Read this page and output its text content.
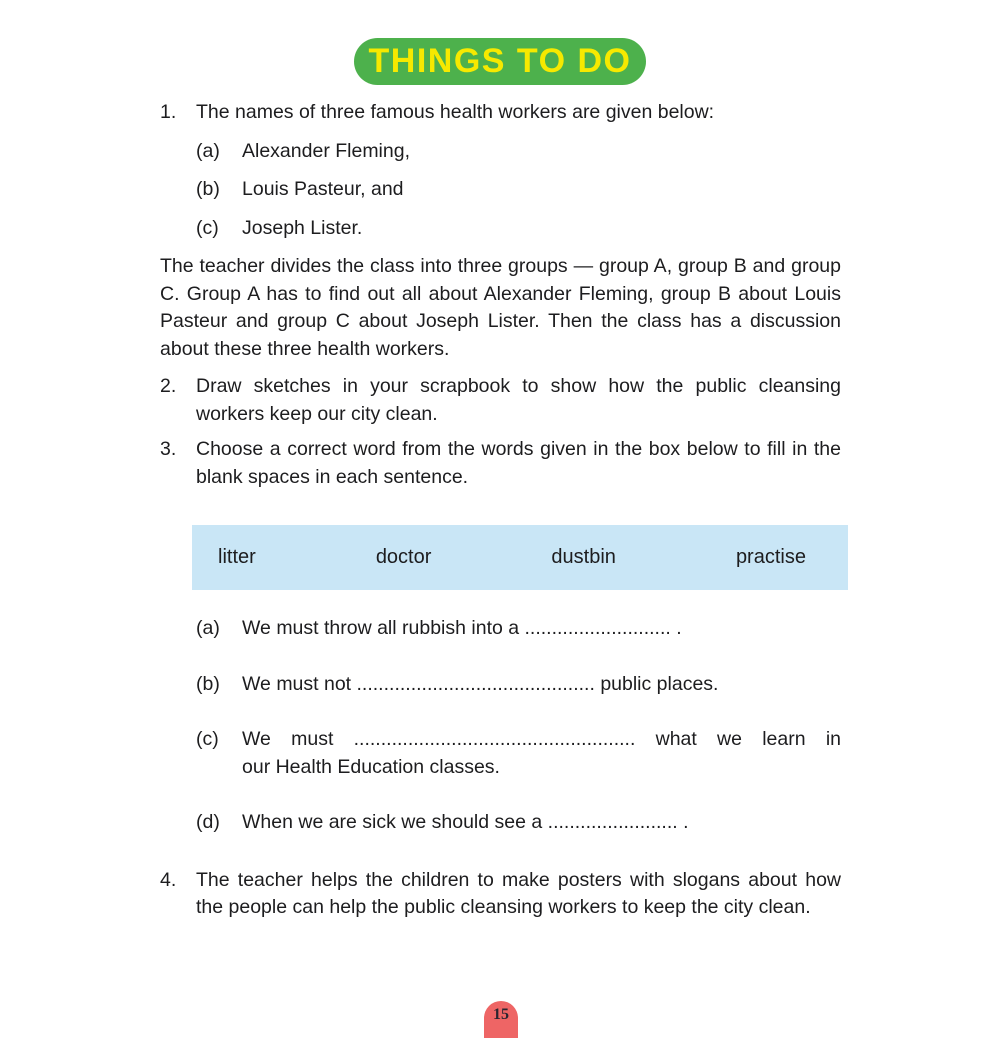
THINGS TO DO
1.	The names of three famous health workers are given below:
(a)	Alexander Fleming,
(b)	Louis Pasteur, and
(c)	Joseph Lister.

The teacher divides the class into three groups — group A, group B and group C. Group A has to find out all about Alexander Fleming, group B about Louis Pasteur and group C about Joseph Lister. Then the class has a discussion about these three health workers.

2.	Draw sketches in your scrapbook to show how the public cleansing workers keep our city clean.
3.	Choose a correct word from the words given in the box below to fill in the blank spaces in each sentence.
litter	doctor	dustbin	practise
(a)	We must throw all rubbish into a ........................... .
(b)	We must not ............................................ public places.
(c)	We must .................................................... what we learn in
our Health Education classes.
(d)	When we are sick we should see a ........................ .
4.	The teacher helps the children to make posters with slogans about how the people can help the public cleansing workers to keep the city clean.
15
